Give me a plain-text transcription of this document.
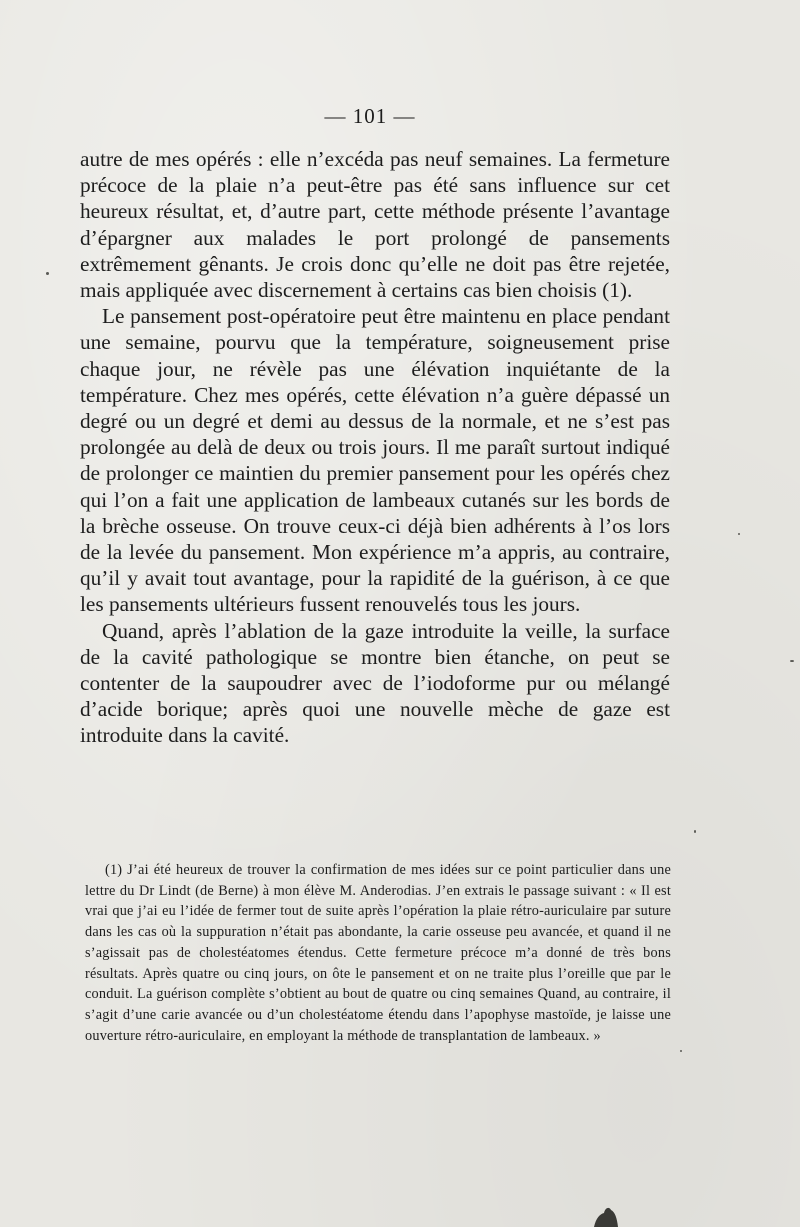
— 101 —

autre de mes opérés : elle n’excéda pas neuf semaines. La fermeture précoce de la plaie n’a peut-être pas été sans influence sur cet heureux résultat, et, d’autre part, cette méthode présente l’avantage d’épargner aux malades le port prolongé de pansements extrêmement gênants. Je crois donc qu’elle ne doit pas être rejetée, mais appliquée avec discernement à certains cas bien choisis (1).

Le pansement post-opératoire peut être maintenu en place pendant une semaine, pourvu que la température, soigneusement prise chaque jour, ne révèle pas une élévation inquiétante de la température. Chez mes opérés, cette élévation n’a guère dépassé un degré ou un degré et demi au dessus de la normale, et ne s’est pas prolongée au delà de deux ou trois jours. Il me paraît surtout indiqué de prolonger ce maintien du premier pansement pour les opérés chez qui l’on a fait une application de lambeaux cutanés sur les bords de la brèche osseuse. On trouve ceux-ci déjà bien adhérents à l’os lors de la levée du pansement. Mon expérience m’a appris, au contraire, qu’il y avait tout avantage, pour la rapidité de la guérison, à ce que les pansements ultérieurs fussent renouvelés tous les jours.

Quand, après l’ablation de la gaze introduite la veille, la surface de la cavité pathologique se montre bien étanche, on peut se contenter de la saupoudrer avec de l’iodoforme pur ou mélangé d’acide borique; après quoi une nouvelle mèche de gaze est introduite dans la cavité.

(1) J’ai été heureux de trouver la confirmation de mes idées sur ce point particulier dans une lettre du Dr Lindt (de Berne) à mon élève M. Anderodias. J’en extrais le passage suivant : « Il est vrai que j’ai eu l’idée de fermer tout de suite après l’opération la plaie rétro-auriculaire par suture dans les cas où la suppuration n’était pas abondante, la carie osseuse peu avancée, et quand il ne s’agissait pas de cholestéatomes étendus. Cette fermeture précoce m’a donné de très bons résultats. Après quatre ou cinq jours, on ôte le pansement et on ne traite plus l’oreille que par le conduit. La guérison complète s’obtient au bout de quatre ou cinq semaines Quand, au contraire, il s’agit d’une carie avancée ou d’un cholestéatome étendu dans l’apophyse mastoïde, je laisse une ouverture rétro-auriculaire, en employant la méthode de transplantation de lambeaux. »
